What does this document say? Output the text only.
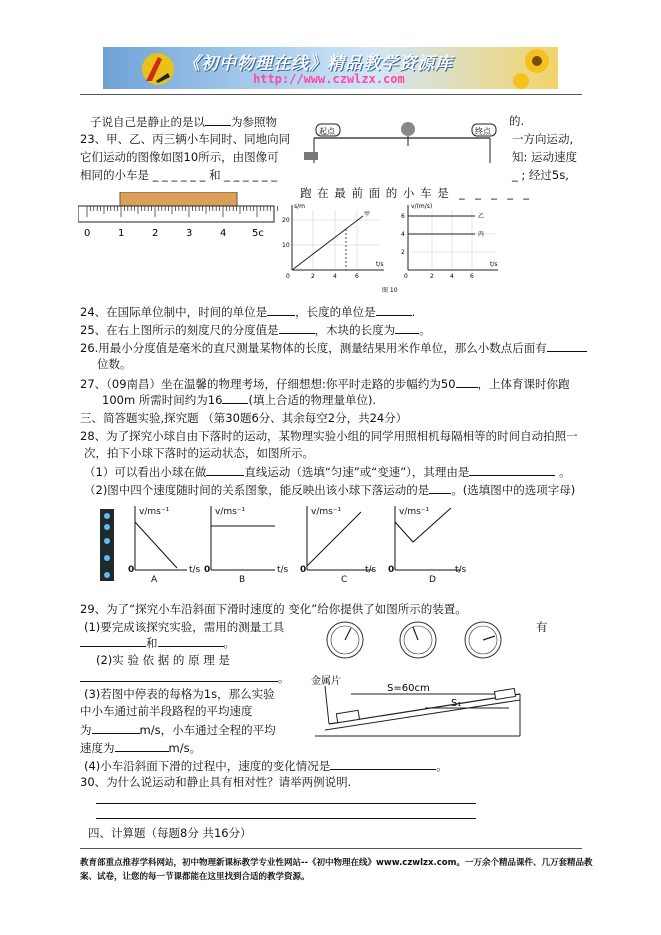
《初中物理在线》精品教学资源库
http://www.czwlzx.com
子说自己是静止的是以 为参照物	的.
23、甲、乙、丙三辆小车同时、同地向同	一方向运动,
它们运动的图像如图10所示，由图像可	知: 运动速度
相同的小车是 _ _ _ _ _ _ 和 _ _ _ _ _ _	_ ; 经过5s,
跑 在 最 前 面 的 小 车 是  _  _  _  _  _
起点	终点
0	1	2	3	4	5c
s/m
t/s
20
10
0	2	4	6
甲
v/(m/s)
t/s
6
4
2
0	2	4	6
乙
丙
图 10
24、在国际单位制中，时间的单位是 ，长度的单位是	.
25、在右上图所示的刻度尺的分度值是	，木块的长度为 。
26.用最小分度值是毫米的直尺测量某物体的长度，测量结果用米作单位，那么小数点后面有
位数。
27、（09南昌）坐在温馨的物理考场，仔细想想:你平时走路的步幅约为50 ，上体育课时你跑
100m 所需时间约为16 (填上合适的物理量单位).
三、简答题实验,探究题 （第30题6分、其余每空2分，共24分）
28、为了探究小球自由下落时的运动，某物理实验小组的同学用照相机每隔相等的时间自动拍照一
次，拍下小球下落时的运动状态，如图所示。
（1）可以看出小球在做	直线运动（选填“匀速”或“变速”），其理由是	。
（2)图中四个速度随时间的关系图象，能反映出该小球下落运动的是 。(选填图中的选项字母)
v/ms⁻¹
t/s
0
A
v/ms⁻¹
t/s
0
B
v/ms⁻¹
t/s
0
C
v/ms⁻¹
t/s
0
D
29、为了“探究小车沿斜面下滑时速度的 变化”给你提供了如图所示的装置。
(1)要完成该探究实验，需用的测量工具	有
和	。
(2)实 验 依 据 的 原 理 是
。
(3)若图中停表的每格为1s，那么实验
中小车通过前半段路程的平均速度
为	m/s，小车通过全程的平均
速度为	m/s。
(4)小车沿斜面下滑的过程中，速度的变化情况是	。
金属片
S=60cm
S₁
30、为什么说运动和静止具有相对性？请举两例说明.
四、计算题（每题8分 共16分）
教育部重点推荐学科网站，初中物理新课标教学专业性网站--《初中物理在线》www.czwlzx.com。一万余个精品课件、几万套精品教案、试卷，让您的每一节课都能在这里找到合适的教学资源。
